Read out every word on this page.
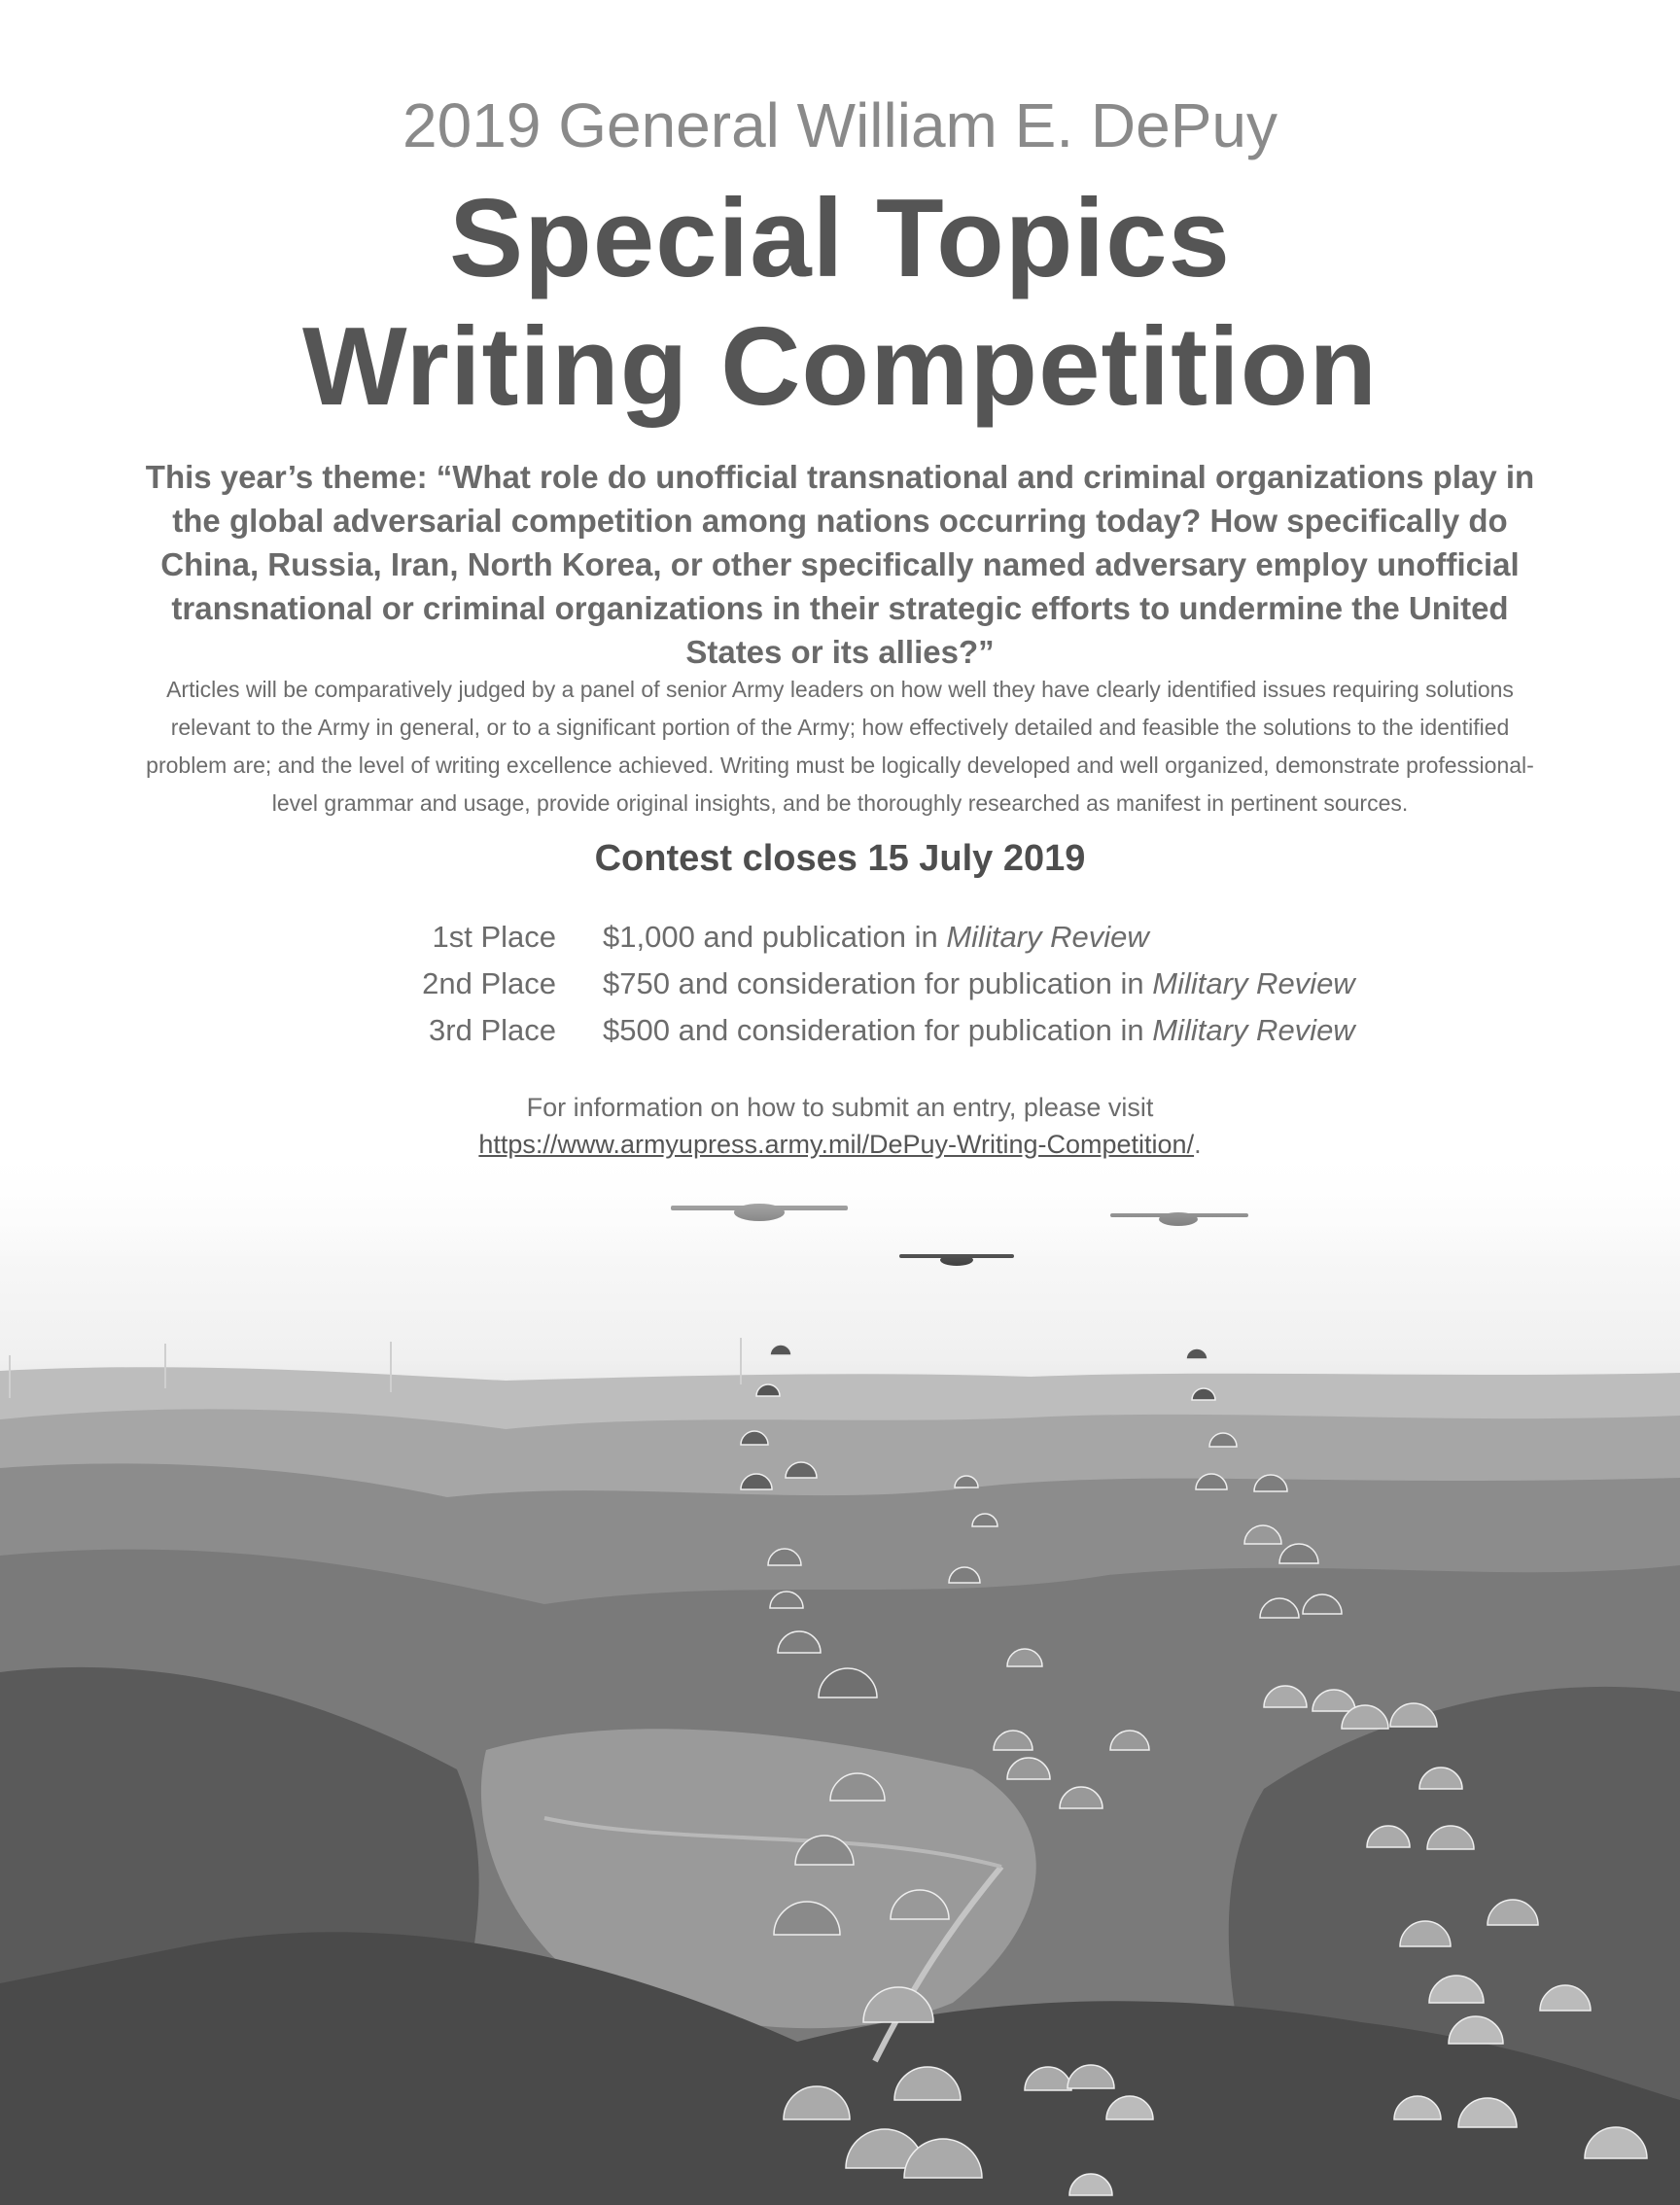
2019 General William E. DePuy
Special Topics
Writing Competition
This year’s theme: “What role do unofficial transnational and criminal organizations play in the global adversarial competition among nations occurring today? How specifically do China, Russia, Iran, North Korea, or other specifically named adversary employ unofficial transnational or criminal organizations in their strategic efforts to undermine the United States or its allies?”
Articles will be comparatively judged by a panel of senior Army leaders on how well they have clearly identified issues requiring solutions relevant to the Army in general, or to a significant portion of the Army; how effectively detailed and feasible the solutions to the identified problem are; and the level of writing excellence achieved. Writing must be logically developed and well organized, demonstrate professional-level grammar and usage, provide original insights, and be thoroughly researched as manifest in pertinent sources.
Contest closes 15 July 2019
1st Place $1,000 and publication in Military Review
2nd Place $750 and consideration for publication in Military Review
3rd Place $500 and consideration for publication in Military Review
For information on how to submit an entry, please visit
https://www.armyupress.army.mil/DePuy-Writing-Competition/.
